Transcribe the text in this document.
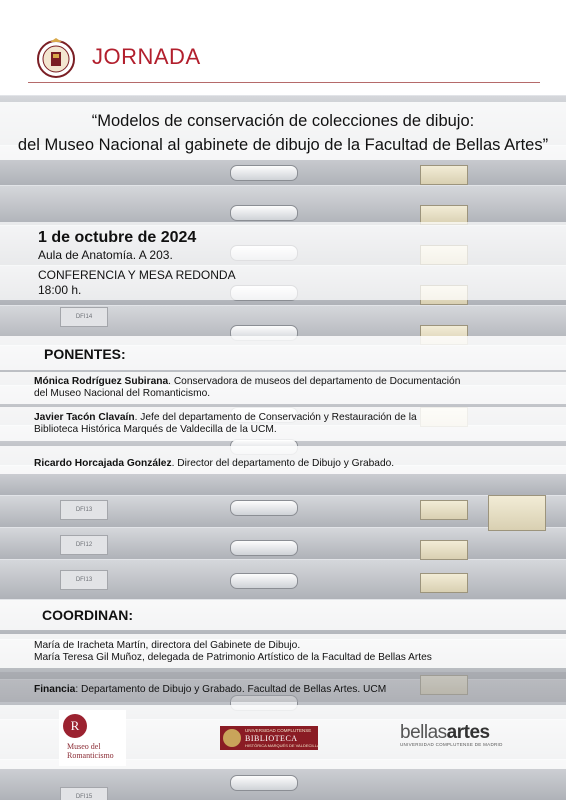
JORNADA
DFI13
DFI12
DFI13
DFI14
DFI15
“Modelos de conservación de colecciones de dibujo:
del Museo Nacional al gabinete de dibujo de la Facultad de Bellas Artes”
1 de octubre de 2024
Aula de Anatomía. A 203.
CONFERENCIA Y MESA REDONDA
18:00 h.
PONENTES:
Mónica Rodríguez Subirana. Conservadora de museos del departamento de Documentación
del Museo Nacional del Romanticismo.
Javier Tacón Clavaín. Jefe del departamento de Conservación y Restauración de la
Biblioteca Histórica Marqués de Valdecilla de la UCM.
Ricardo Horcajada González. Director del departamento de Dibujo y Grabado.
COORDINAN:
María de Iracheta Martín, directora del Gabinete de Dibujo.
María Teresa Gil Muñoz, delegada de Patrimonio Artístico de la Facultad de Bellas Artes
Financia: Departamento de Dibujo y Grabado. Facultad de Bellas Artes. UCM
R
Museo del
Romanticismo
UNIVERSIDAD COMPLUTENSE
BIBLIOTECA
HISTÓRICA MARQUÉS DE VALDECILLA
bellasartes
UNIVERSIDAD COMPLUTENSE DE MADRID
